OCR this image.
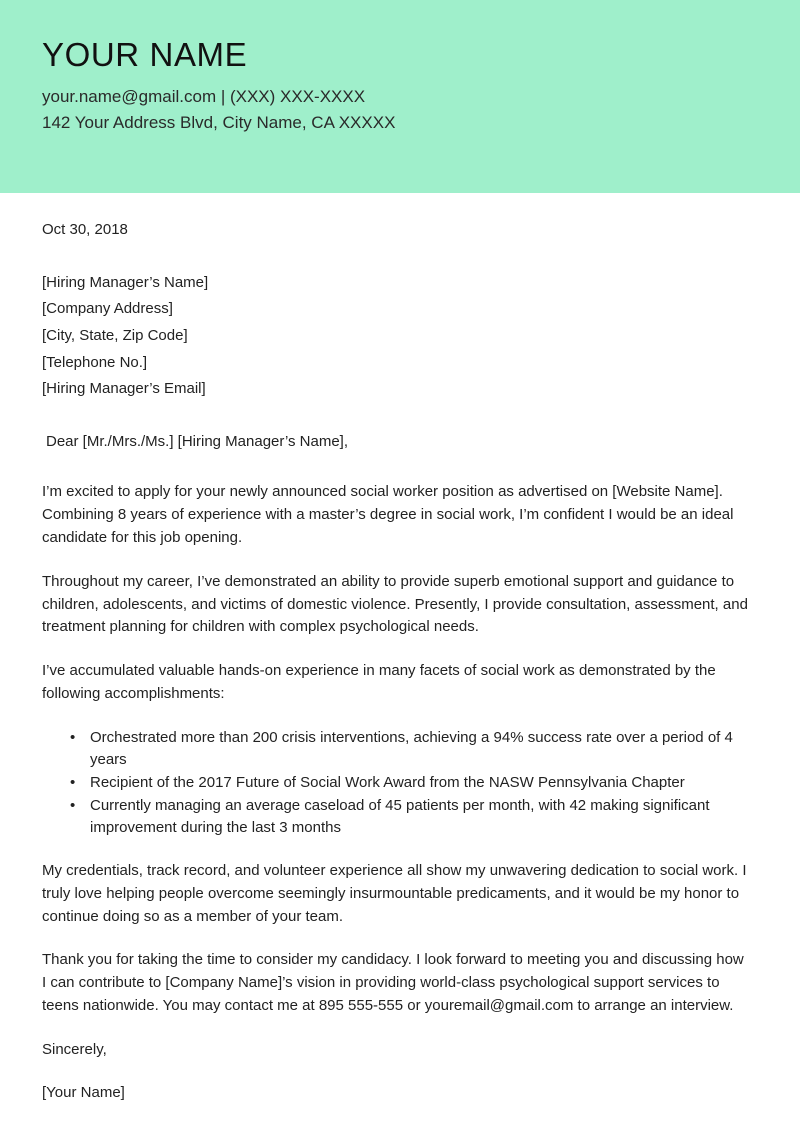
YOUR NAME
your.name@gmail.com | (XXX) XXX-XXXX
142 Your Address Blvd, City Name, CA XXXXX
Oct 30, 2018
[Hiring Manager’s Name]
[Company Address]
[City, State, Zip Code]
[Telephone No.]
[Hiring Manager’s Email]
Dear [Mr./Mrs./Ms.] [Hiring Manager’s Name],

I’m excited to apply for your newly announced social worker position as advertised on [Website Name]. Combining 8 years of experience with a master’s degree in social work, I’m confident I would be an ideal candidate for this job opening.

Throughout my career, I’ve demonstrated an ability to provide superb emotional support and guidance to children, adolescents, and victims of domestic violence. Presently, I provide consultation, assessment, and treatment planning for children with complex psychological needs.

I’ve accumulated valuable hands-on experience in many facets of social work as demonstrated by the following accomplishments:

• Orchestrated more than 200 crisis interventions, achieving a 94% success rate over a period of 4 years
• Recipient of the 2017 Future of Social Work Award from the NASW Pennsylvania Chapter
• Currently managing an average caseload of 45 patients per month, with 42 making significant improvement during the last 3 months

My credentials, track record, and volunteer experience all show my unwavering dedication to social work. I truly love helping people overcome seemingly insurmountable predicaments, and it would be my honor to continue doing so as a member of your team.

Thank you for taking the time to consider my candidacy. I look forward to meeting you and discussing how I can contribute to [Company Name]’s vision in providing world-class psychological support services to teens nationwide. You may contact me at 895 555-555 or youremail@gmail.com to arrange an interview.

Sincerely,
[Your Name]
